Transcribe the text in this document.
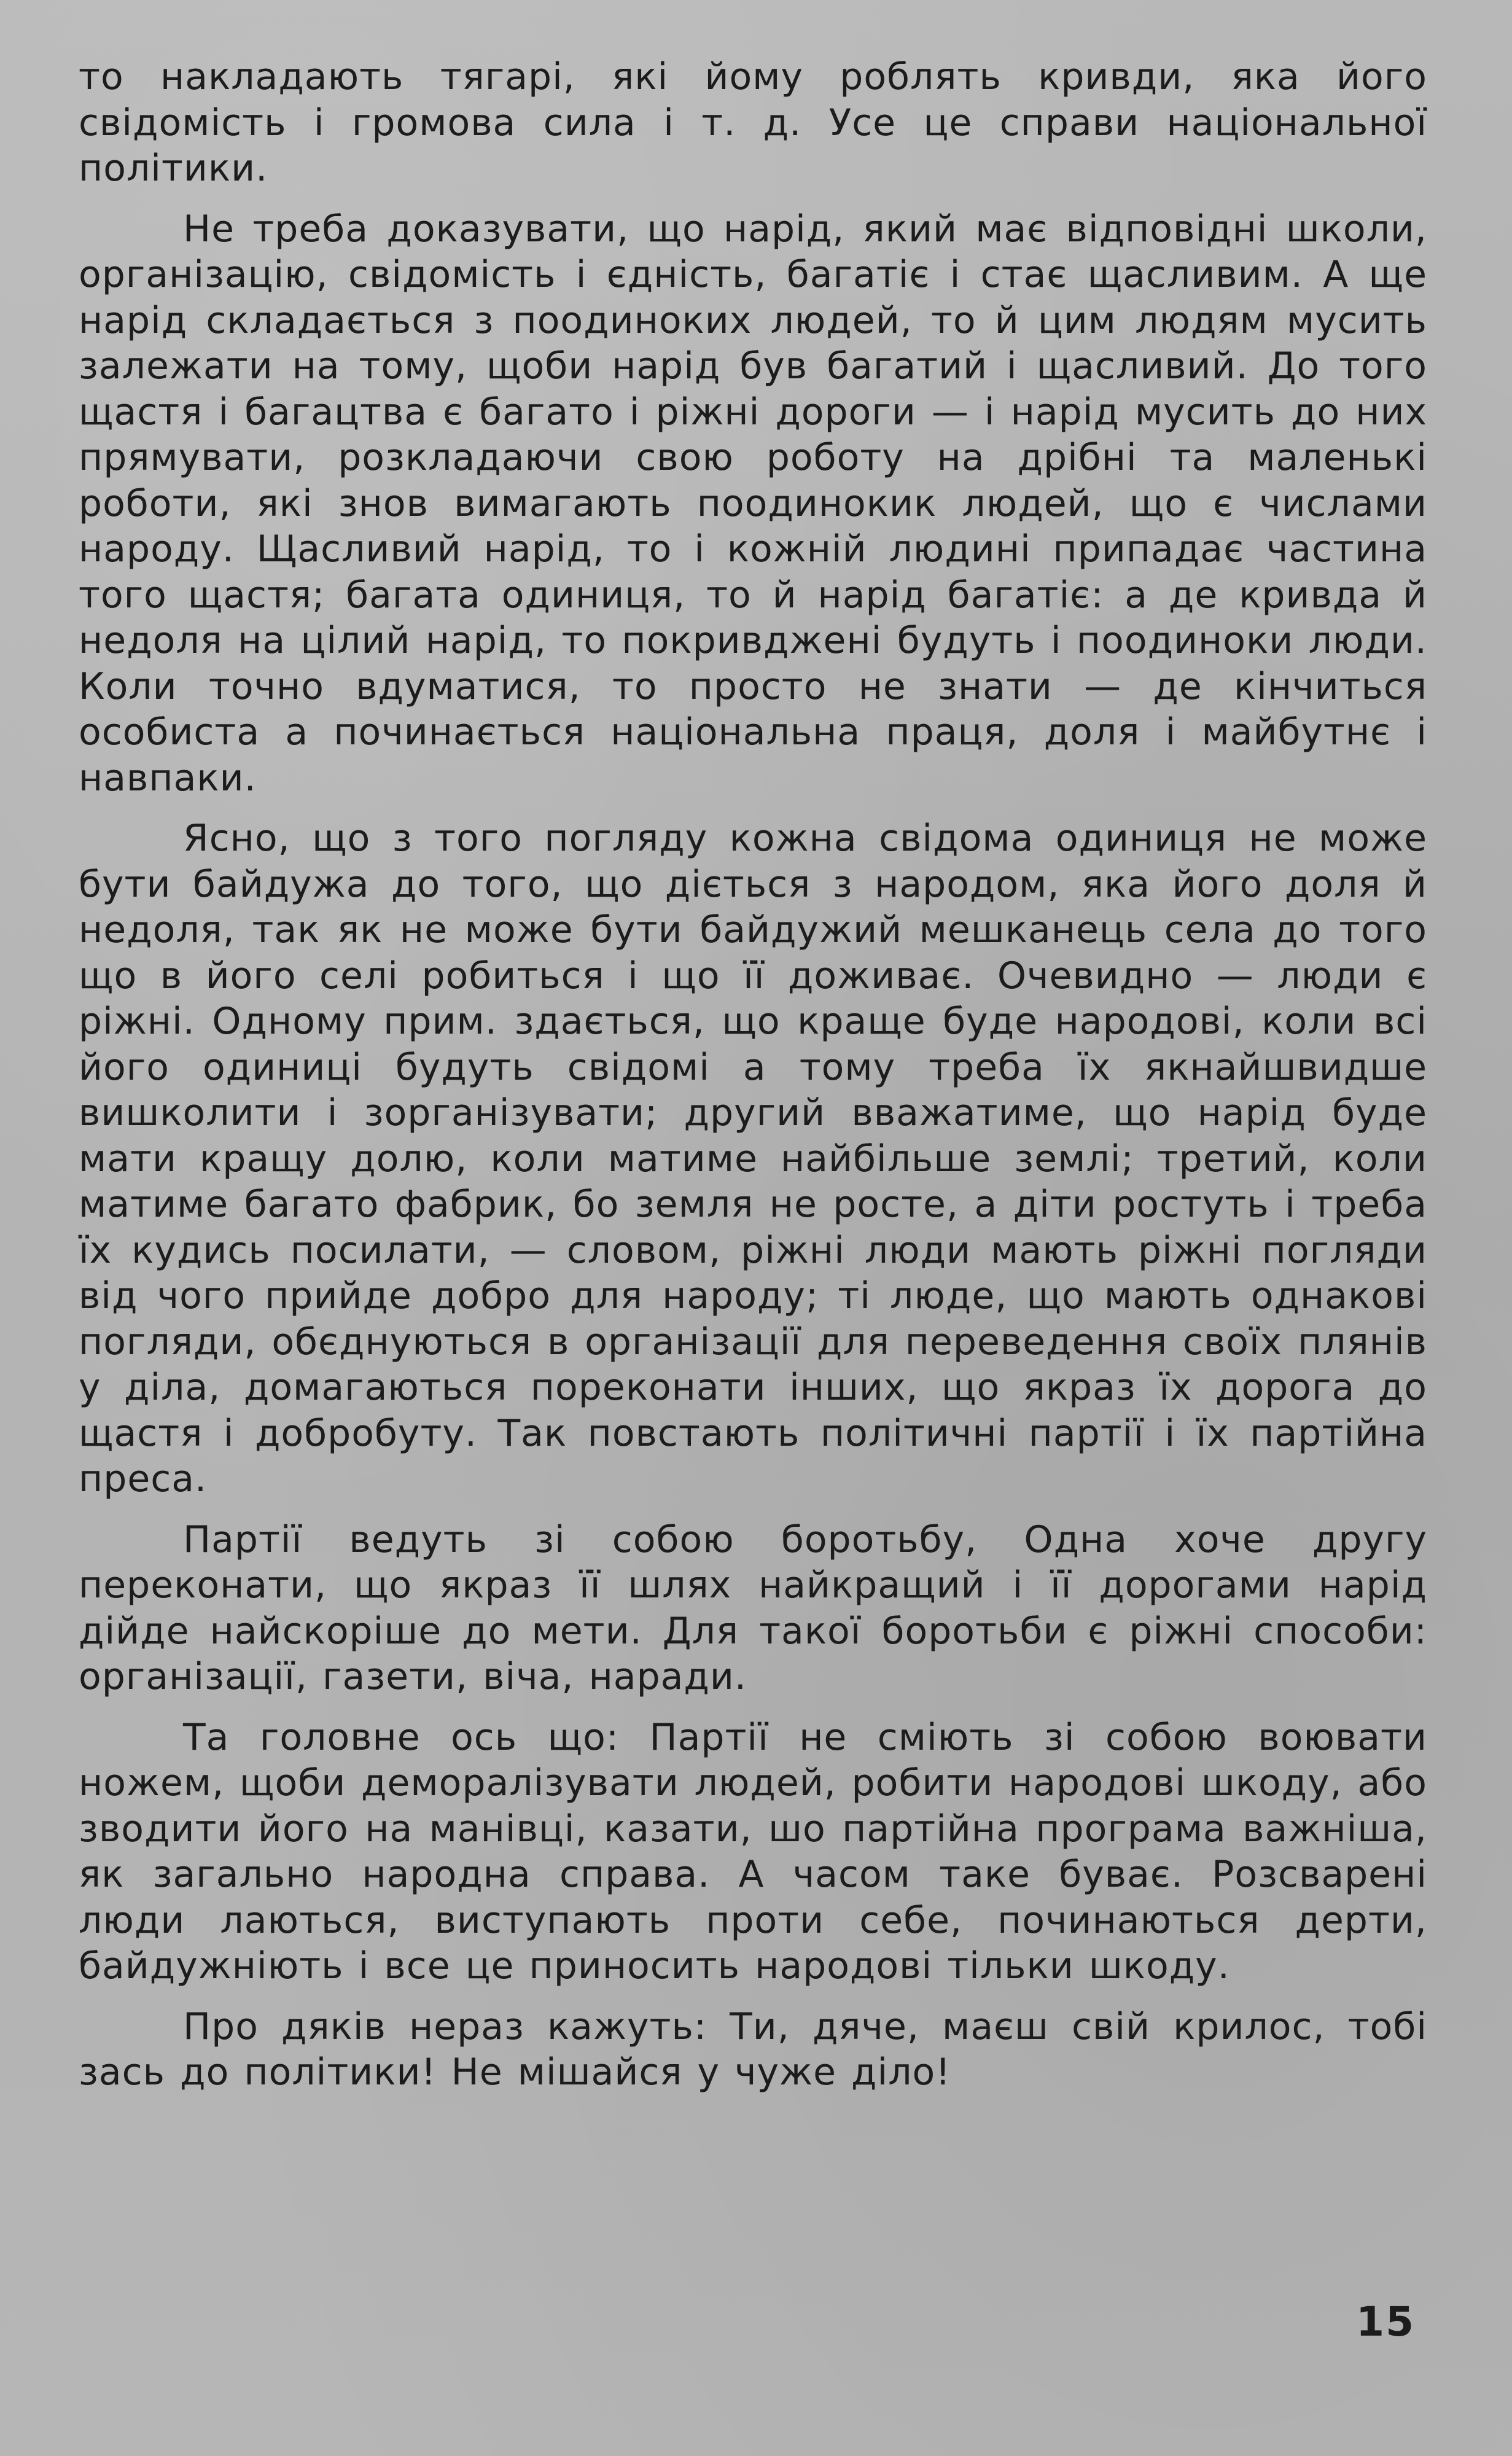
то накладають тягарі, які йому роблять кривди, яка його свідомість і громова сила і т. д. Усе це справи національної політики.

Не треба доказувати, що нарід, який має відповідні школи, організацію, свідомість і єдність, багатіє і стає щасливим. А ще нарід складається з поодиноких людей, то й цим людям мусить залежати на тому, щоби нарід був багатий і щасливий. До того щастя і багацтва є багато і ріжні дороги — і нарід мусить до них прямувати, розкладаючи свою роботу на дрібні та маленькі роботи, які знов вимагають поодинокик людей, що є числами народу. Щасливий нарід, то і кожній людині припадає частина того щастя; багата одиниця, то й нарід багатіє: а де кривда й недоля на цілий нарід, то покривджені будуть і поодиноки люди. Коли точно вдуматися, то просто не знати — де кінчиться особиста а починається національна праця, доля і майбутнє і навпаки.

Ясно, що з того погляду кожна свідома одиниця не може бути байдужа до того, що діється з народом, яка його доля й недоля, так як не може бути байдужий мешканець села до того що в його селі робиться і що її доживає. Очевидно — люди є ріжні. Одному прим. здається, що краще буде народові, коли всі його одиниці будуть свідомі а тому треба їх якнайшвидше вишколити і зорганізувати; другий вважатиме, що нарід буде мати кращу долю, коли матиме найбільше землі; третий, коли матиме багато фабрик, бо земля не росте, а діти ростуть і треба їх кудись посилати, — словом, ріжні люди мають ріжні погляди від чого прийде добро для народу; ті люде, що мають однакові погляди, обєднуються в організації для переведення своїх плянів у діла, домагаються пореконати інших, що якраз їх дорога до щастя і добробуту. Так повстають політичні партії і їх партійна преса.

Партії ведуть зі собою боротьбу, Одна хоче другу переконати, що якраз її шлях найкращий і її дорогами нарід дійде найскоріше до мети. Для такої боротьби є ріжні способи: організації, газети, віча, наради.

Та головне ось що: Партії не сміють зі собою воювати ножем, щоби деморалізувати людей, робити народові шкоду, або зводити його на манівці, казати, шо партійна програма важніша, як загально народна справа. А часом таке буває. Розсварені люди лаються, виступають проти себе, починаються дерти, байдужніють і все це приносить народові тільки шкоду.

Про дяків нераз кажуть: Ти, дяче, маєш свій крилос, тобі зась до політики! Не мішайся у чуже діло!

15
